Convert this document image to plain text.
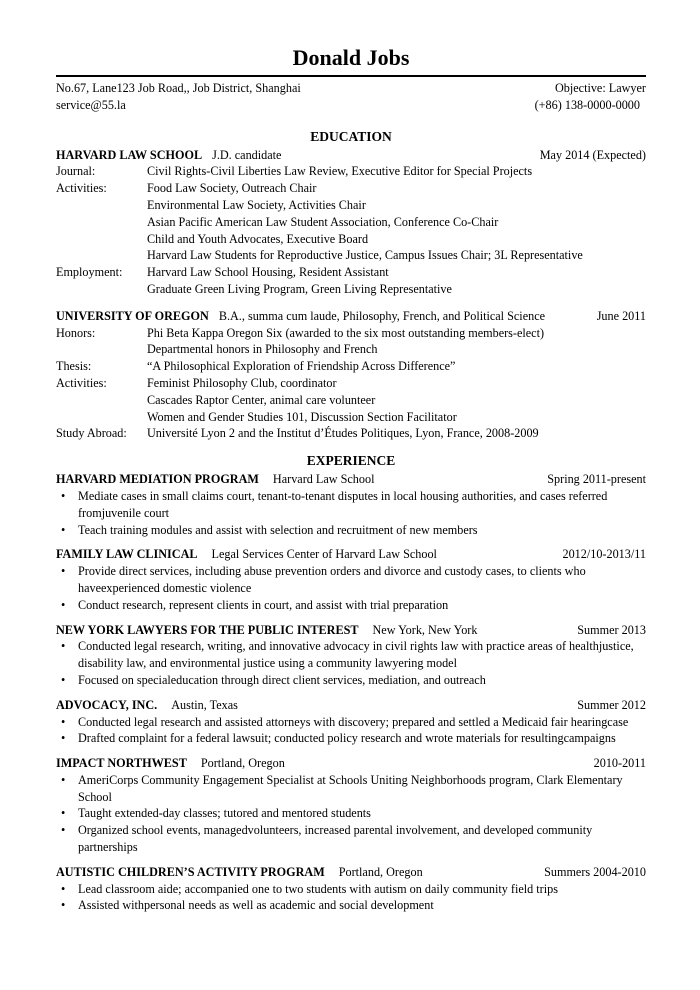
Donald Jobs
No.67, Lane123 Job Road,, Job District, Shanghai	Objective: Lawyer
service@55.la	(+86) 138-0000-0000
EDUCATION
HARVARD LAW SCHOOL J.D. candidate	May 2014 (Expected)
Journal:	Civil Rights-Civil Liberties Law Review, Executive Editor for Special Projects
Activities:	Food Law Society, Outreach Chair
Environmental Law Society, Activities Chair
Asian Pacific American Law Student Association, Conference Co-Chair
Child and Youth Advocates, Executive Board
Harvard Law Students for Reproductive Justice, Campus Issues Chair; 3L Representative
Employment:	Harvard Law School Housing, Resident Assistant
Graduate Green Living Program, Green Living Representative
UNIVERSITY OF OREGON B.A., summa cum laude, Philosophy, French, and Political Science	June 2011
Honors:	Phi Beta Kappa Oregon Six (awarded to the six most outstanding members-elect)
Departmental honors in Philosophy and French
Thesis:	“A Philosophical Exploration of Friendship Across Difference”
Activities:	Feminist Philosophy Club, coordinator
Cascades Raptor Center, animal care volunteer
Women and Gender Studies 101, Discussion Section Facilitator
Study Abroad:	Université Lyon 2 and the Institut d’Études Politiques, Lyon, France, 2008-2009
EXPERIENCE
HARVARD MEDIATION PROGRAM Harvard Law School	Spring 2011-present
• Mediate cases in small claims court, tenant-to-tenant disputes in local housing authorities, and cases referred fromjuvenile court
• Teach training modules and assist with selection and recruitment of new members
FAMILY LAW CLINICAL Legal Services Center of Harvard Law School	2012/10-2013/11
• Provide direct services, including abuse prevention orders and divorce and custody cases, to clients who haveexperienced domestic violence
• Conduct research, represent clients in court, and assist with trial preparation
NEW YORK LAWYERS FOR THE PUBLIC INTEREST New York, New York	Summer 2013
• Conducted legal research, writing, and innovative advocacy in civil rights law with practice areas of healthjustice, disability law, and environmental justice using a community lawyering model
• Focused on specialeducation through direct client services, mediation, and outreach
ADVOCACY, INC. Austin, Texas	Summer 2012
• Conducted legal research and assisted attorneys with discovery; prepared and settled a Medicaid fair hearingcase
• Drafted complaint for a federal lawsuit; conducted policy research and wrote materials for resultingcampaigns
IMPACT NORTHWEST Portland, Oregon	2010-2011
• AmeriCorps Community Engagement Specialist at Schools Uniting Neighborhoods program, Clark Elementary School
• Taught extended-day classes; tutored and mentored students
• Organized school events, managedvolunteers, increased parental involvement, and developed community partnerships
AUTISTIC CHILDREN’S ACTIVITY PROGRAM Portland, Oregon	Summers 2004-2010
• Lead classroom aide; accompanied one to two students with autism on daily community field trips
• Assisted withpersonal needs as well as academic and social development
